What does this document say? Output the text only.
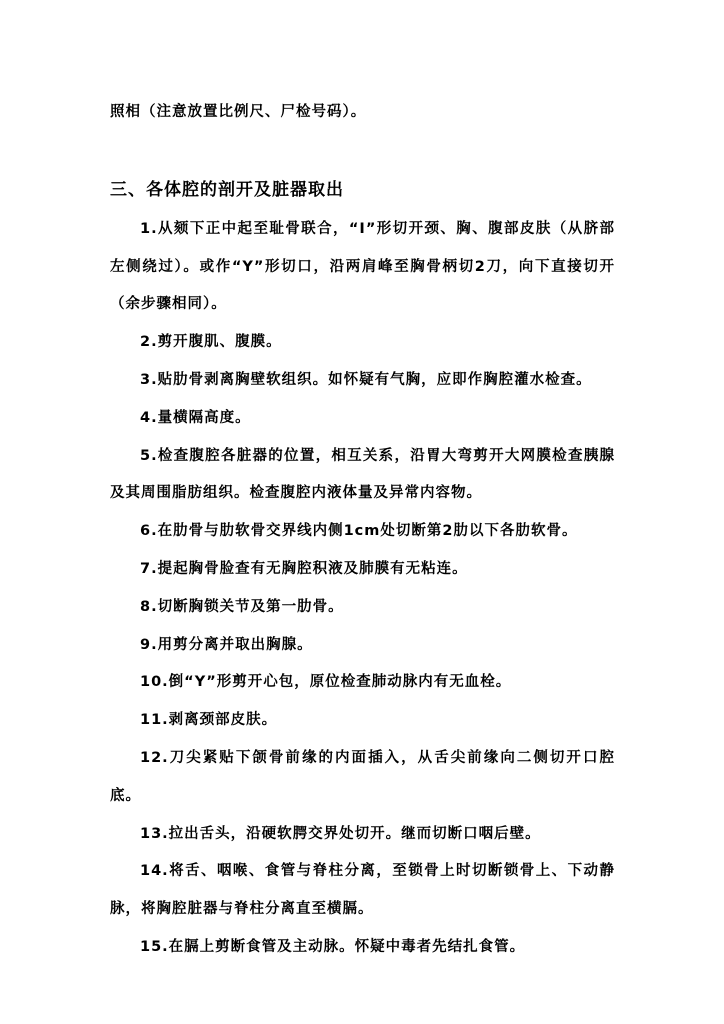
照相（注意放置比例尺、尸检号码）。

三、各体腔的剖开及脏器取出

1.从颏下正中起至耻骨联合，“I”形切开颈、胸、腹部皮肤（从脐部左侧绕过）。或作“Y”形切口，沿两肩峰至胸骨柄切2刀，向下直接切开（余步骤相同）。

2.剪开腹肌、腹膜。

3.贴肋骨剥离胸壁软组织。如怀疑有气胸，应即作胸腔灌水检查。

4.量横隔高度。

5.检查腹腔各脏器的位置，相互关系，沿胃大弯剪开大网膜检查胰腺及其周围脂肪组织。检查腹腔内液体量及异常内容物。

6.在肋骨与肋软骨交界线内侧1cm处切断第2肋以下各肋软骨。

7.提起胸骨脸查有无胸腔积液及肺膜有无粘连。

8.切断胸锁关节及第一肋骨。

9.用剪分离并取出胸腺。

10.倒“Y”形剪开心包，原位检查肺动脉内有无血栓。

11.剥离颈部皮肤。

12.刀尖紧贴下颌骨前缘的内面插入，从舌尖前缘向二侧切开口腔底。

13.拉出舌头，沿硬软腭交界处切开。继而切断口咽后壁。

14.将舌、咽喉、食管与脊柱分离，至锁骨上时切断锁骨上、下动静脉，将胸腔脏器与脊柱分离直至横膈。

15.在膈上剪断食管及主动脉。怀疑中毒者先结扎食管。
